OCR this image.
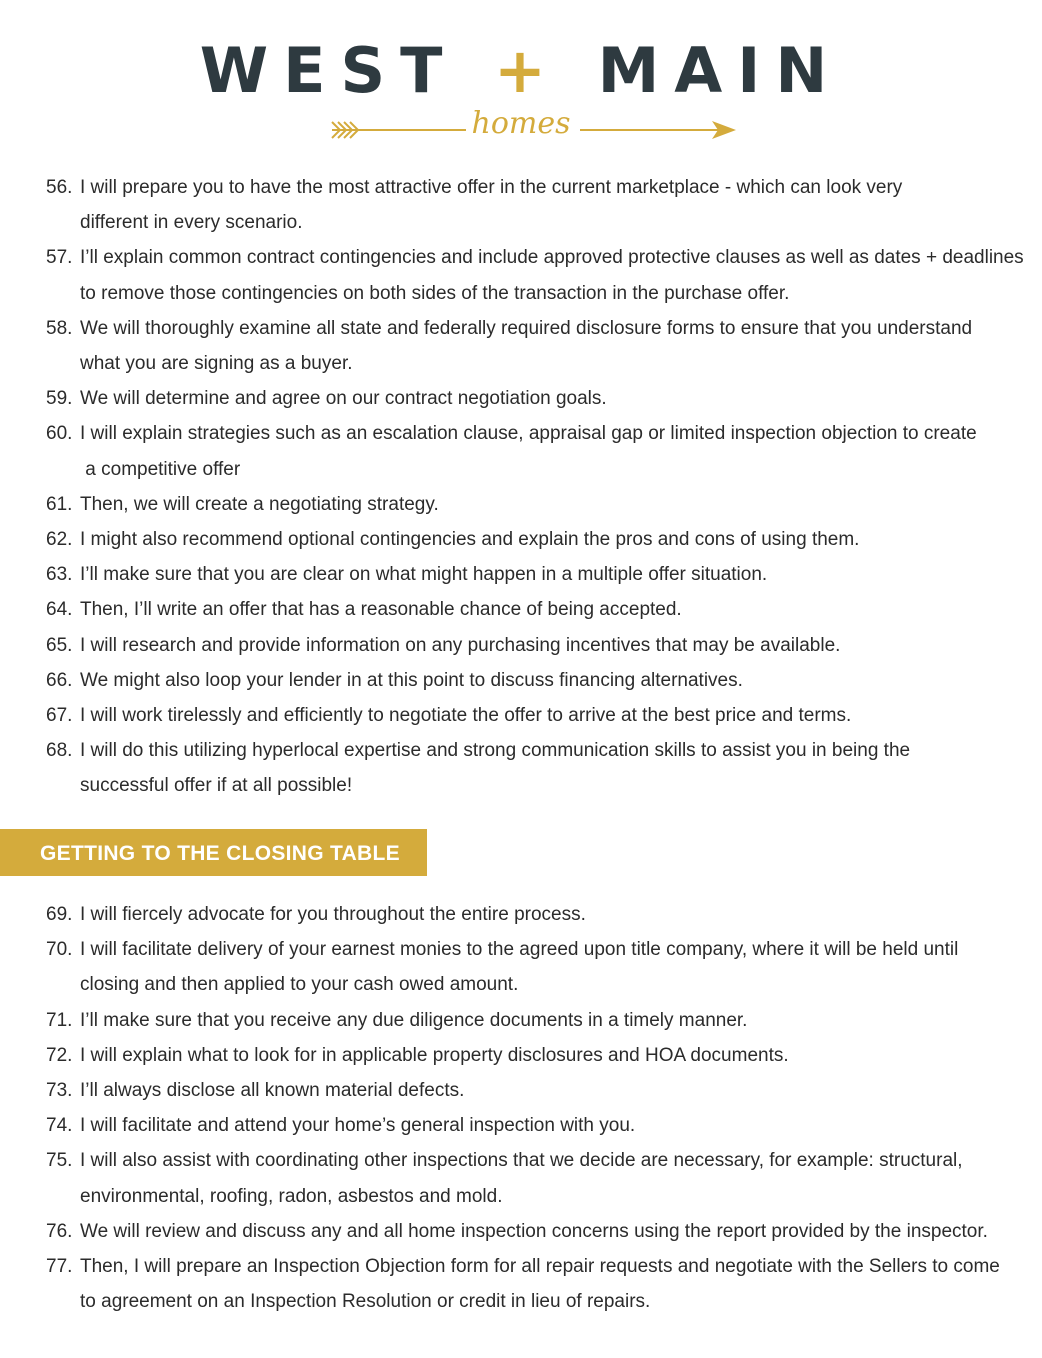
WEST + MAIN
homes
56. I will prepare you to have the most attractive offer in the current marketplace - which can look very
different in every scenario.
57. I’ll explain common contract contingencies and include approved protective clauses as well as dates + deadlines
to remove those contingencies on both sides of the transaction in the purchase offer.
58. We will thoroughly examine all state and federally required disclosure forms to ensure that you understand
what you are signing as a buyer.
59. We will determine and agree on our contract negotiation goals.
60. I will explain strategies such as an escalation clause, appraisal gap or limited inspection objection to create
a competitive offer
61. Then, we will create a negotiating strategy.
62. I might also recommend optional contingencies and explain the pros and cons of using them.
63. I’ll make sure that you are clear on what might happen in a multiple offer situation.
64. Then, I’ll write an offer that has a reasonable chance of being accepted.
65. I will research and provide information on any purchasing incentives that may be available.
66. We might also loop your lender in at this point to discuss financing alternatives.
67. I will work tirelessly and efficiently to negotiate the offer to arrive at the best price and terms.
68. I will do this utilizing hyperlocal expertise and strong communication skills to assist you in being the
successful offer if at all possible!
GETTING TO THE CLOSING TABLE
69. I will fiercely advocate for you throughout the entire process.
70. I will facilitate delivery of your earnest monies to the agreed upon title company, where it will be held until
closing and then applied to your cash owed amount.
71. I’ll make sure that you receive any due diligence documents in a timely manner.
72. I will explain what to look for in applicable property disclosures and HOA documents.
73. I’ll always disclose all known material defects.
74. I will facilitate and attend your home’s general inspection with you.
75. I will also assist with coordinating other inspections that we decide are necessary, for example: structural,
environmental, roofing, radon, asbestos and mold.
76. We will review and discuss any and all home inspection concerns using the report provided by the inspector.
77. Then, I will prepare an Inspection Objection form for all repair requests and negotiate with the Sellers to come
to agreement on an Inspection Resolution or credit in lieu of repairs.
